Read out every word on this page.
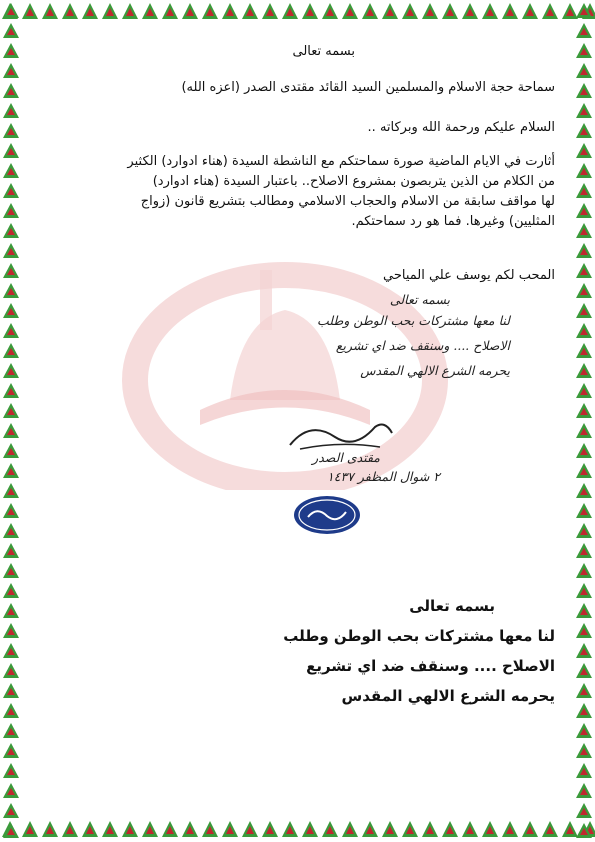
بسمه تعالى
سماحة حجة الاسلام والمسلمين السيد القائد مقتدى الصدر (اعزه الله)
السلام عليكم ورحمة الله وبركاته ..
أثارت في الايام الماضية صورة سماحتكم مع الناشطة السيدة (هناء ادوارد) الكثير
من الكلام من الذين يتربصون بمشروع الاصلاح.. باعتبار السيدة (هناء ادوارد)
لها مواقف سابقة من الاسلام والحجاب الاسلامي ومطالب بتشريع قانون (زواج
المثليين) وغيرها. فما هو رد سماحتكم.
المحب لكم يوسف علي المياحي
بسمه تعالى
لنا معها مشتركات بحب الوطن وطلب
الاصلاح .... وسنقف ضد اي تشريع
يحرمه الشرع الالهي المقدس
مقتدى الصدر
٢ شوال المظفر ١٤٣٧
بسمه تعالى
لنا معها مشتركات بحب الوطن وطلب
الاصلاح .... وسنقف ضد اي تشريع
يحرمه الشرع الالهي المقدس
